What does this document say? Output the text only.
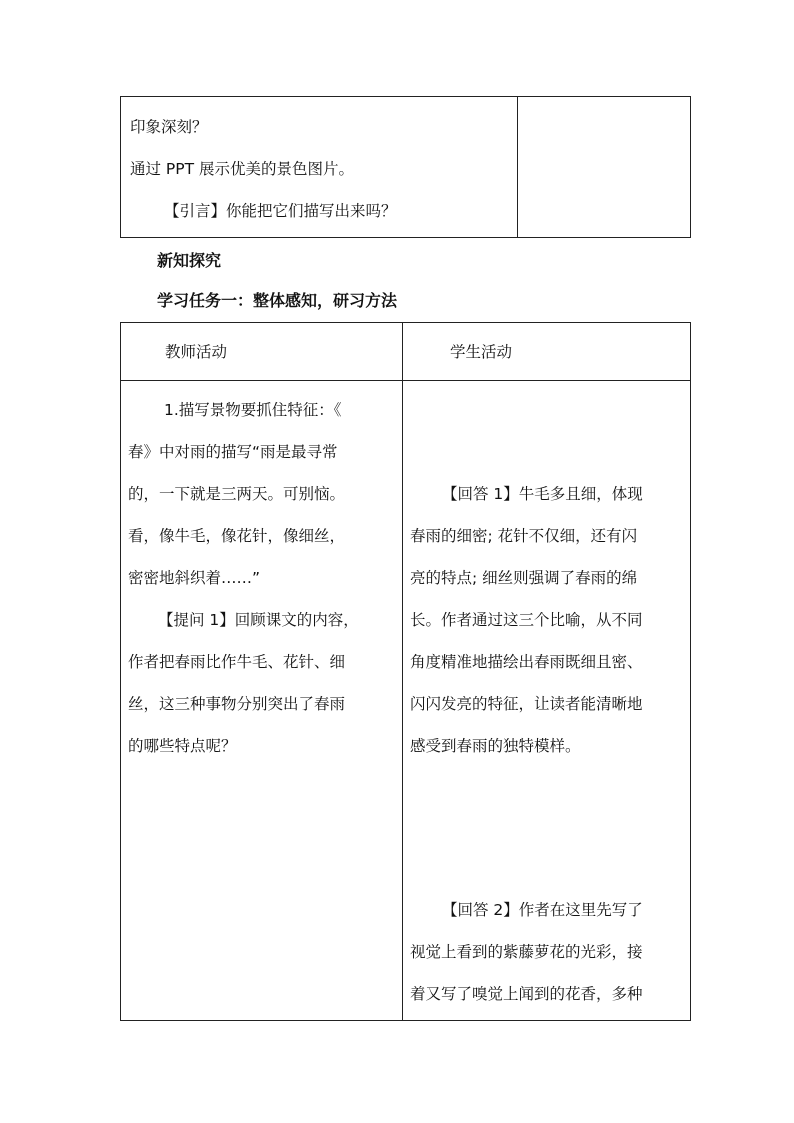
印象深刻？
通过 PPT 展示优美的景色图片。
【引言】你能把它们描写出来吗？
新知探究
学习任务一：整体感知，研习方法
教师活动	学生活动
1.描写景物要抓住特征：《
春》中对雨的描写“雨是最寻常
的，一下就是三两天。可别恼。
看，像牛毛，像花针，像细丝，
密密地斜织着……”
【提问 1】回顾课文的内容，
作者把春雨比作牛毛、花针、细
丝，这三种事物分别突出了春雨
的哪些特点呢？
【回答 1】牛毛多且细，体现
春雨的细密; 花针不仅细，还有闪
亮的特点; 细丝则强调了春雨的绵
长。作者通过这三个比喻，从不同
角度精准地描绘出春雨既细且密、
闪闪发亮的特征，让读者能清晰地
感受到春雨的独特模样。
【回答 2】作者在这里先写了
视觉上看到的紫藤萝花的光彩，接
着又写了嗅觉上闻到的花香，多种
